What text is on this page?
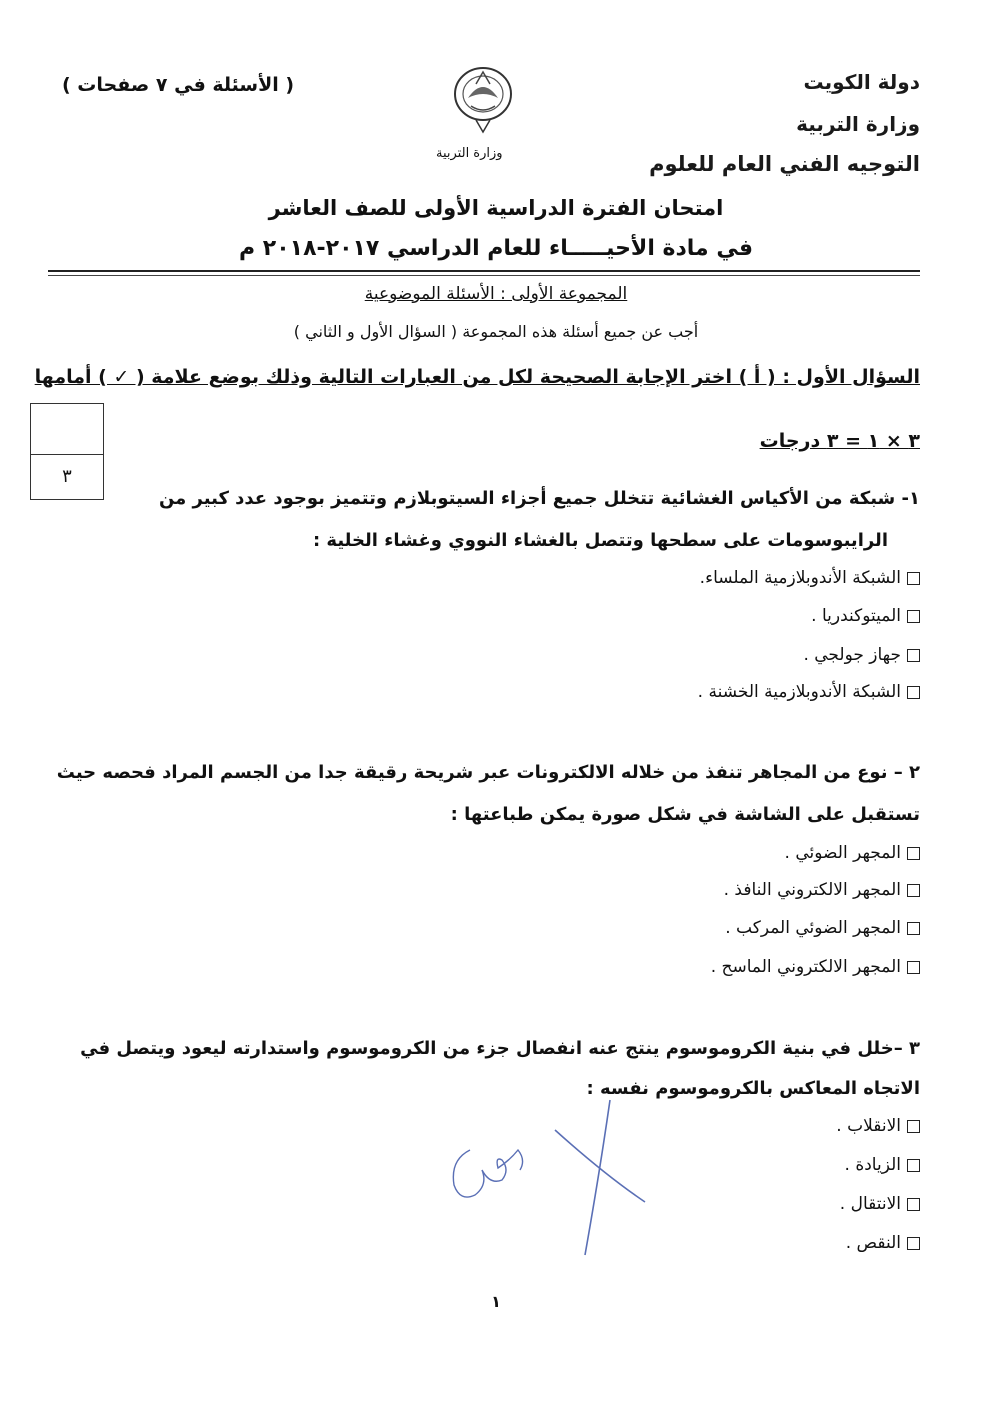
دولة الكويت
وزارة التربية
التوجيه الفني العام للعلوم
( الأسئلة في ٧ صفحات )
وزارة التربية
امتحان الفترة الدراسية الأولى للصف العاشر
في مادة الأحيـــــاء للعام الدراسي ٢٠١٧-٢٠١٨ م
المجموعة الأولى : الأسئلة الموضوعية
أجب عن جميع أسئلة هذه المجموعة ( السؤال الأول و الثاني )
السؤال الأول : ( أ ) اختر الإجابة الصحيحة لكل من العبارات التالية وذلك بوضع علامة ( ✓ ) أمامها
٣ × ١ = ٣ درجات
٣
١- شبكة من الأكياس الغشائية تتخلل جميع أجزاء السيتوبلازم وتتميز بوجود عدد كبير من
الرايبوسومات على سطحها وتتصل بالغشاء النووي وغشاء الخلية :
الشبكة الأندوبلازمية الملساء.
الميتوكندريا .
جهاز جولجي .
الشبكة الأندوبلازمية الخشنة .
٢ – نوع من المجاهر تنفذ من خلاله الالكترونات عبر شريحة رقيقة جدا من الجسم المراد فحصه حيث
تستقبل على الشاشة في شكل صورة يمكن طباعتها :
المجهر الضوئي .
المجهر الالكتروني النافذ .
المجهر الضوئي المركب .
المجهر الالكتروني الماسح .
٣ –خلل في بنية الكروموسوم ينتج عنه انفصال جزء من الكروموسوم واستدارته ليعود ويتصل في
الاتجاه المعاكس بالكروموسوم نفسه :
الانقلاب .
الزيادة .
الانتقال .
النقص .
١
